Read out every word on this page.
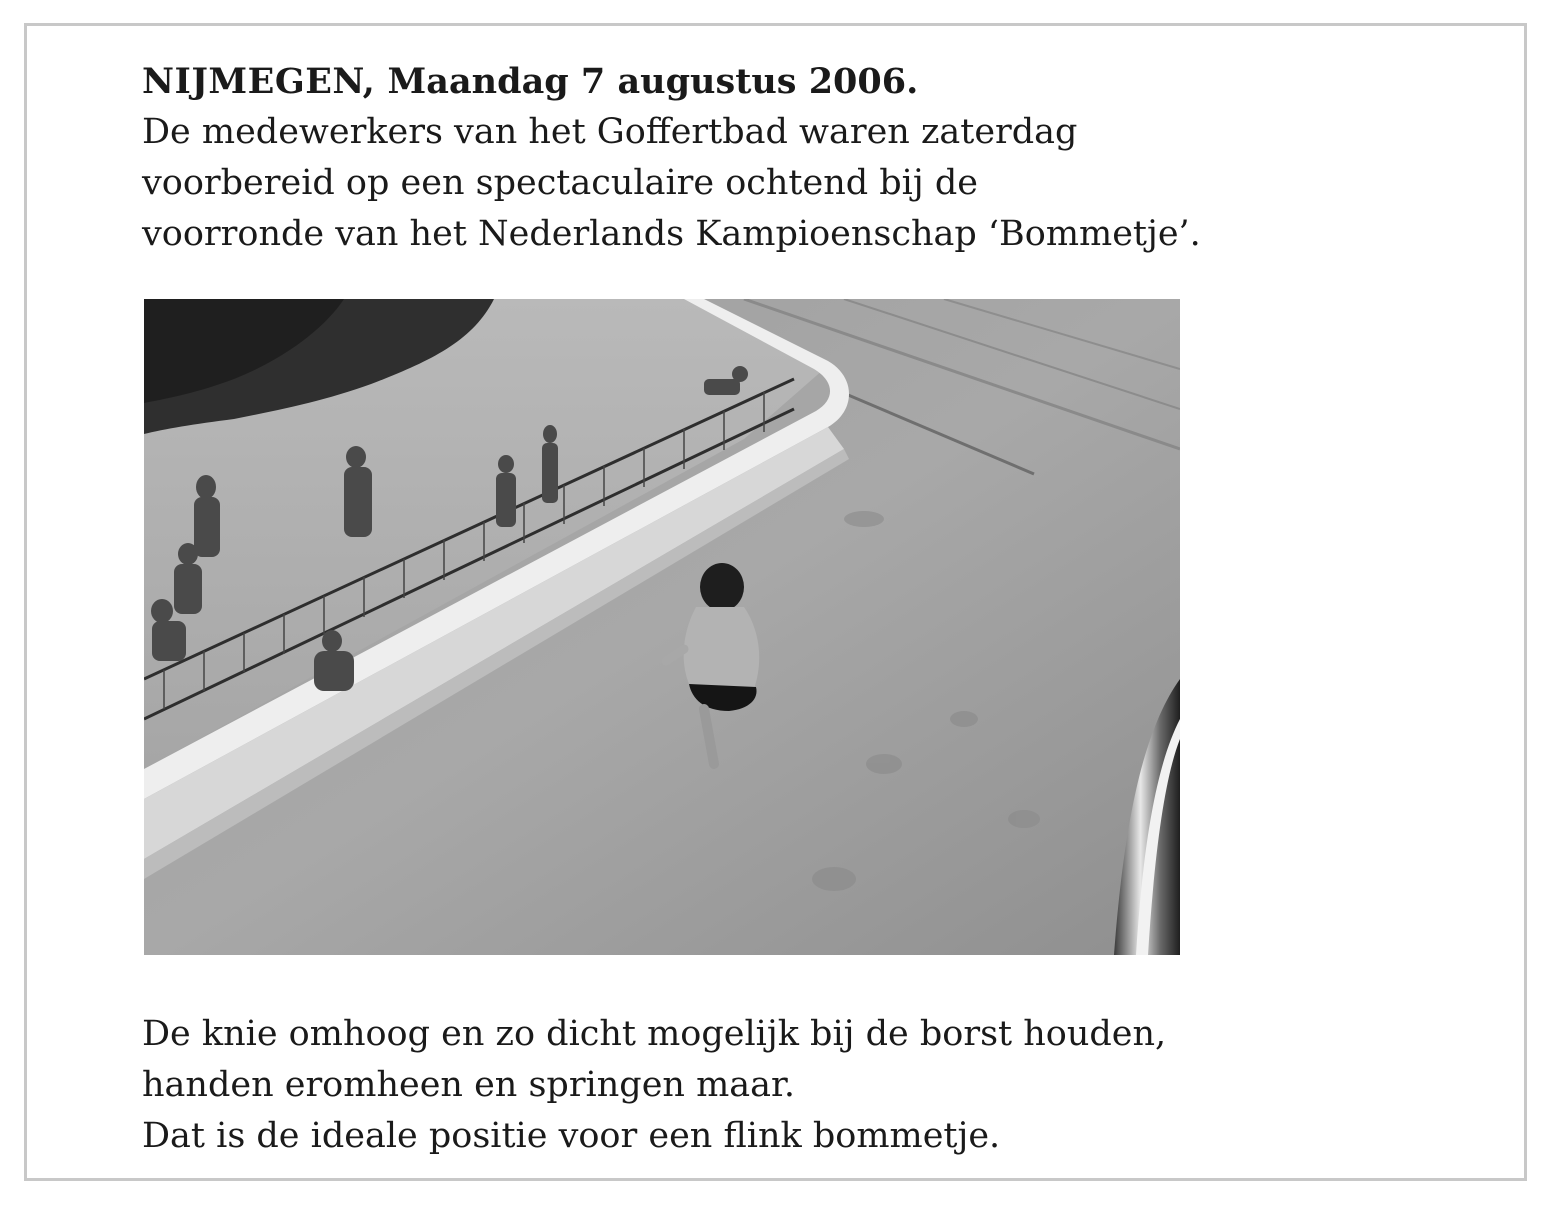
NIJMEGEN, Maandag 7 augustus 2006.
De medewerkers van het Goffertbad waren zaterdag
voorbereid op een spectaculaire ochtend bij de
voorronde van het Nederlands Kampioenschap ‘Bommetje’.
De knie omhoog en zo dicht mogelijk bij de borst houden,
handen eromheen en springen maar.
Dat is de ideale positie voor een flink bommetje.
